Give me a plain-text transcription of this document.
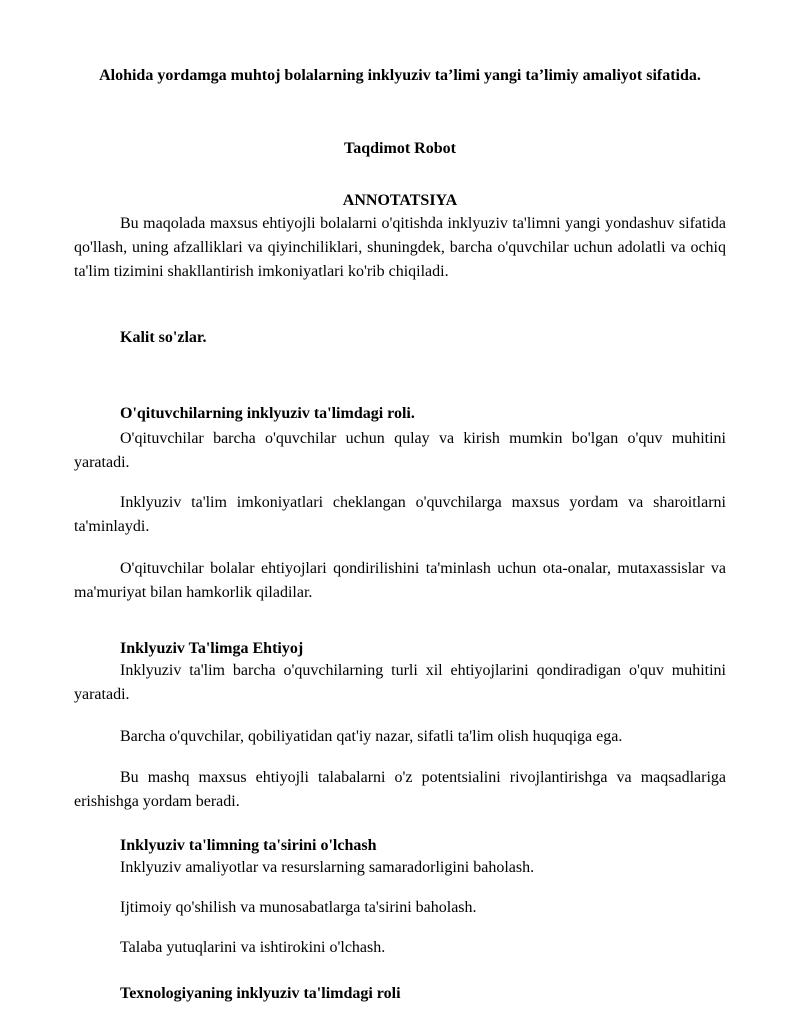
Alohida yordamga muhtoj bolalarning inklyuziv ta’limi yangi ta’limiy amaliyot sifatida.

Taqdimot Robot

ANNOTATSIYA

Bu maqolada maxsus ehtiyojli bolalarni o'qitishda inklyuziv ta'limni yangi yondashuv sifatida qo'llash, uning afzalliklari va qiyinchiliklari, shuningdek, barcha o'quvchilar uchun adolatli va ochiq ta'lim tizimini shakllantirish imkoniyatlari ko'rib chiqiladi.

Kalit so'zlar.

O'qituvchilarning inklyuziv ta'limdagi roli.

O'qituvchilar barcha o'quvchilar uchun qulay va kirish mumkin bo'lgan o'quv muhitini yaratadi.

Inklyuziv ta'lim imkoniyatlari cheklangan o'quvchilarga maxsus yordam va sharoitlarni ta'minlaydi.

O'qituvchilar bolalar ehtiyojlari qondirilishini ta'minlash uchun ota-onalar, mutaxassislar va ma'muriyat bilan hamkorlik qiladilar.

Inklyuziv Ta'limga Ehtiyoj

Inklyuziv ta'lim barcha o'quvchilarning turli xil ehtiyojlarini qondiradigan o'quv muhitini yaratadi.

Barcha o'quvchilar, qobiliyatidan qat'iy nazar, sifatli ta'lim olish huquqiga ega.

Bu mashq maxsus ehtiyojli talabalarni o'z potentsialini rivojlantirishga va maqsadlariga erishishga yordam beradi.

Inklyuziv ta'limning ta'sirini o'lchash

Inklyuziv amaliyotlar va resurslarning samaradorligini baholash.

Ijtimoiy qo'shilish va munosabatlarga ta'sirini baholash.

Talaba yutuqlarini va ishtirokini o'lchash.

Texnologiyaning inklyuziv ta'limdagi roli
